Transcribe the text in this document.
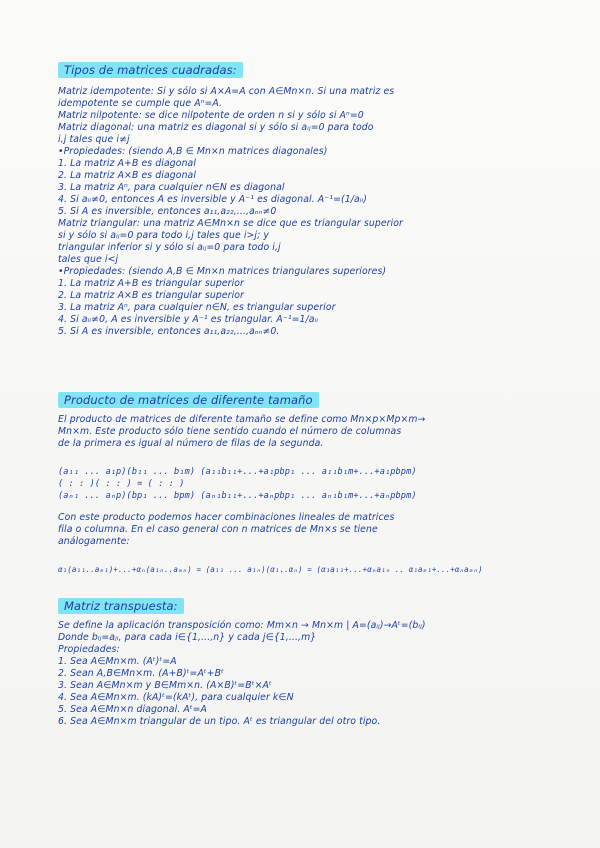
Tipos de matrices cuadradas:
Matriz idempotente: Si y sólo si A×A=A con A∈Mn×n. Si una matriz es
idempotente se cumple que Aⁿ=A.
Matriz nilpotente: se dice nilpotente de orden n si y sólo si Aⁿ=0
Matriz diagonal: una matriz es diagonal si y sólo si aᵢⱼ=0 para todo
i,j tales que i≠j
•Propiedades: (siendo A,B ∈ Mn×n matrices diagonales)
1. La matriz A+B es diagonal
2. La matriz A×B es diagonal
3. La matriz Aⁿ, para cualquier n∈N es diagonal
4. Si aᵢᵢ≠0, entonces A es inversible y A⁻¹ es diagonal. A⁻¹=(1/aᵢᵢ)
5. Si A es inversible, entonces a₁₁,a₂₂,...,aₙₙ≠0
Matriz triangular: una matriz A∈Mn×n se dice que es triangular superior
si y sólo si aᵢⱼ=0 para todo i,j tales que i>j; y
triangular inferior si y sólo si aᵢⱼ=0 para todo i,j
tales que i<j
•Propiedades: (siendo A,B ∈ Mn×n matrices triangulares superiores)
1. La matriz A+B es triangular superior
2. La matriz A×B es triangular superior
3. La matriz Aⁿ, para cualquier n∈N, es triangular superior
4. Si aᵢᵢ≠0, A es inversible y A⁻¹ es triangular. A⁻¹=1/aᵢᵢ
5. Si A es inversible, entonces a₁₁,a₂₂,...,aₙₙ≠0.
Producto de matrices de diferente tamaño
El producto de matrices de diferente tamaño se define como Mn×p×Mp×m→
Mn×m. Este producto sólo tiene sentido cuando el número de columnas
de la primera es igual al número de filas de la segunda.
(a₁₁ ... a₁p)(b₁₁ ... b₁m) (a₁₁b₁₁+...+a₁pbp₁ ... a₁₁b₁m+...+a₁pbpm)
( : : )( : : ) = ( : : )
(aₙ₁ ... aₙp)(bp₁ ... bpm) (aₙ₁b₁₁+...+aₙpbp₁ ... aₙ₁b₁m+...+aₙpbpm)
Con este producto podemos hacer combinaciones lineales de matrices
fila o columna. En el caso general con n matrices de Mn×s se tiene
análogamente:
α₁(a₁₁..aₘ₁)+...+αₙ(a₁ₙ..aₘₙ) = (a₁₁ ... a₁ₙ)(α₁..αₙ) = (α₁a₁₁+...+αₙa₁ₙ .. α₁aₘ₁+...+αₙaₘₙ)
Matriz transpuesta:
Se define la aplicación transposición como: Mm×n → Mn×m | A=(aᵢⱼ)→Aᵗ=(bᵢⱼ)
Donde bᵢⱼ=aⱼᵢ, para cada i∈{1,...,n} y cada j∈{1,...,m}
Propiedades:
1. Sea A∈Mn×m. (Aᵗ)ᵗ=A
2. Sean A,B∈Mn×m. (A+B)ᵗ=Aᵗ+Bᵗ
3. Sean A∈Mn×m y B∈Mm×n. (A×B)ᵗ=Bᵗ×Aᵗ
4. Sea A∈Mn×m. (kA)ᵗ=(kAᵗ), para cualquier k∈N
5. Sea A∈Mn×n diagonal. Aᵗ=A
6. Sea A∈Mn×m triangular de un tipo. Aᵗ es triangular del otro tipo.
